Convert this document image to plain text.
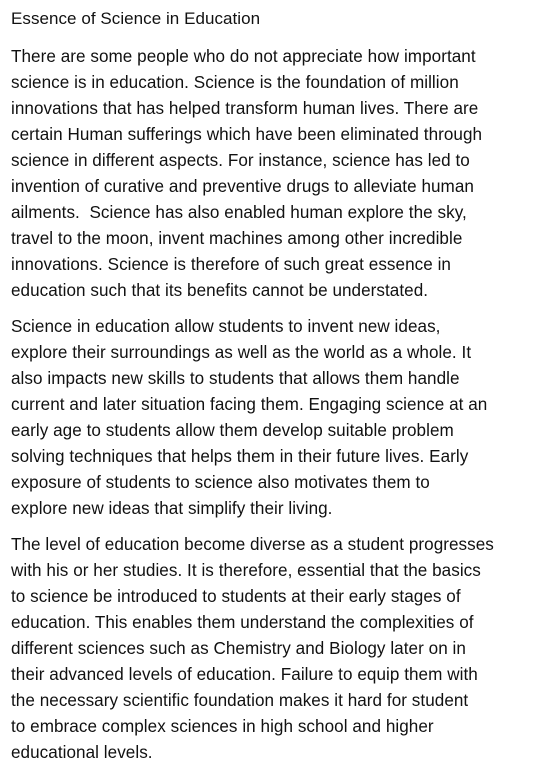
Essence of Science in Education

There are some people who do not appreciate how important
science is in education. Science is the foundation of million
innovations that has helped transform human lives. There are
certain Human sufferings which have been eliminated through
science in different aspects. For instance, science has led to
invention of curative and preventive drugs to alleviate human
ailments.  Science has also enabled human explore the sky,
travel to the moon, invent machines among other incredible
innovations. Science is therefore of such great essence in
education such that its benefits cannot be understated.

Science in education allow students to invent new ideas,
explore their surroundings as well as the world as a whole. It
also impacts new skills to students that allows them handle
current and later situation facing them. Engaging science at an
early age to students allow them develop suitable problem
solving techniques that helps them in their future lives. Early
exposure of students to science also motivates them to
explore new ideas that simplify their living.

The level of education become diverse as a student progresses
with his or her studies. It is therefore, essential that the basics
to science be introduced to students at their early stages of
education. This enables them understand the complexities of
different sciences such as Chemistry and Biology later on in
their advanced levels of education. Failure to equip them with
the necessary scientific foundation makes it hard for student
to embrace complex sciences in high school and higher
educational levels.
